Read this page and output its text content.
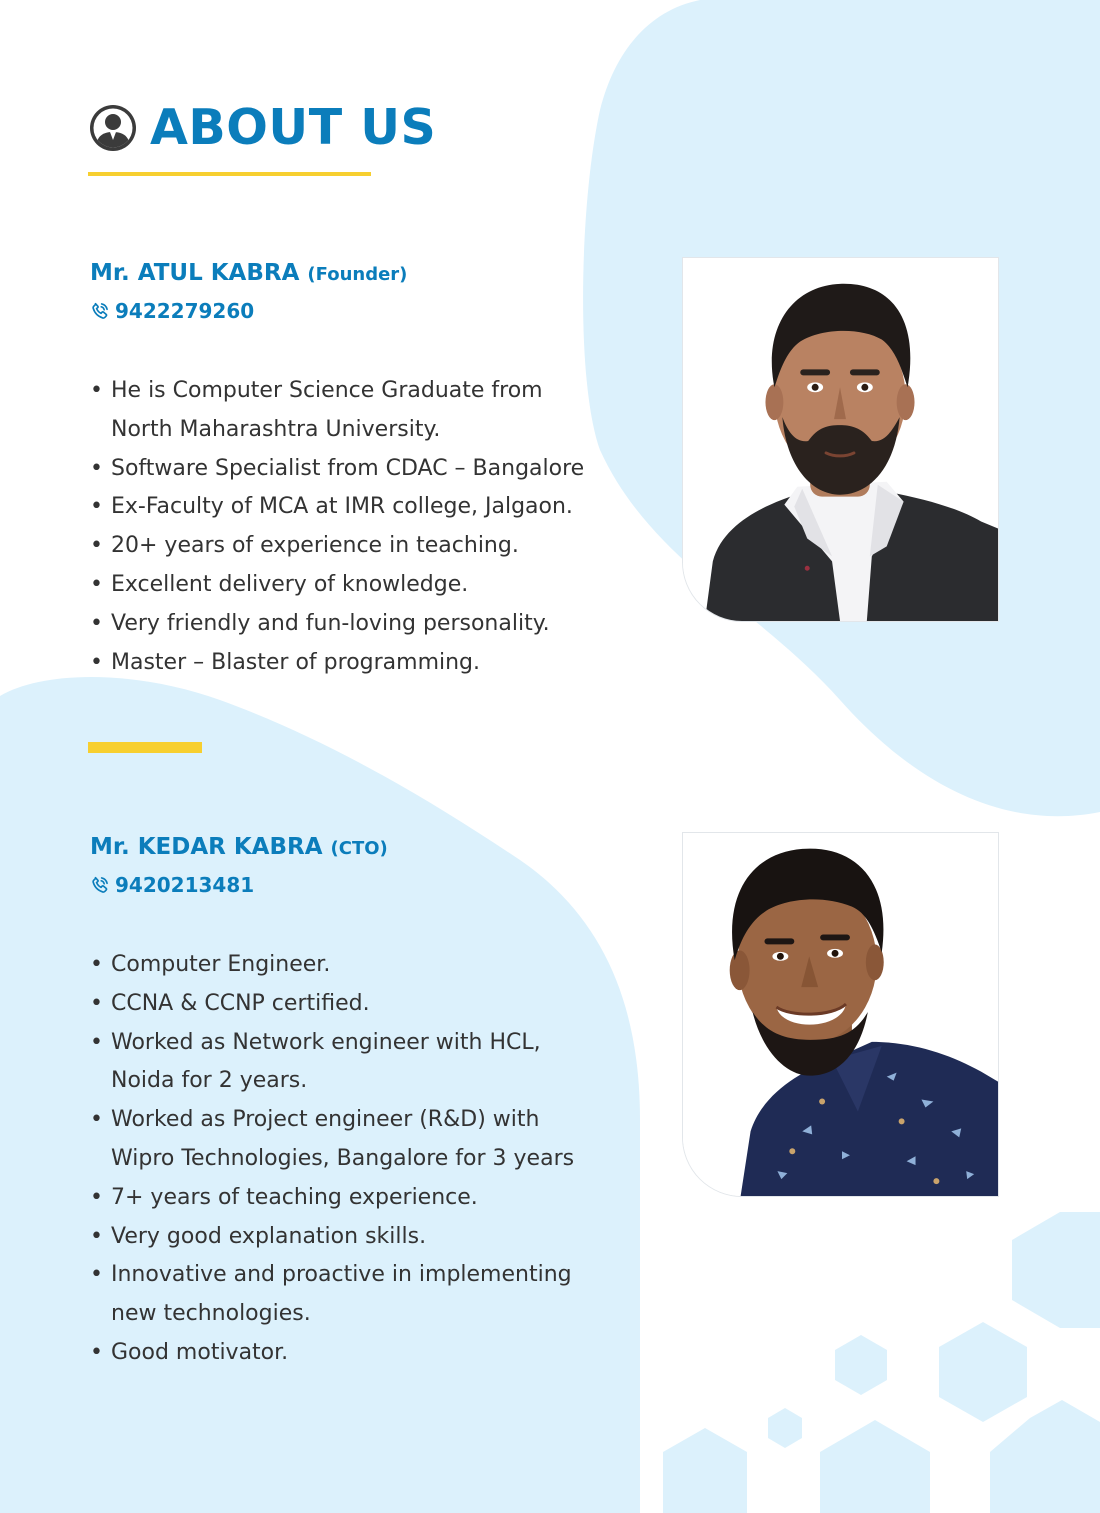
ABOUT US
Mr. ATUL KABRA (Founder)
9422279260
• He is Computer Science Graduate from
North Maharashtra University.
• Software Specialist from CDAC – Bangalore
• Ex-Faculty of MCA at IMR college, Jalgaon.
• 20+ years of experience in teaching.
• Excellent delivery of knowledge.
• Very friendly and fun-loving personality.
• Master – Blaster of programming.
Mr. KEDAR KABRA (CTO)
9420213481
• Computer Engineer.
• CCNA & CCNP certified.
• Worked as Network engineer with HCL,
Noida for 2 years.
• Worked as Project engineer (R&D) with
Wipro Technologies, Bangalore for 3 years
• 7+ years of teaching experience.
• Very good explanation skills.
• Innovative and proactive in implementing
new technologies.
• Good motivator.
